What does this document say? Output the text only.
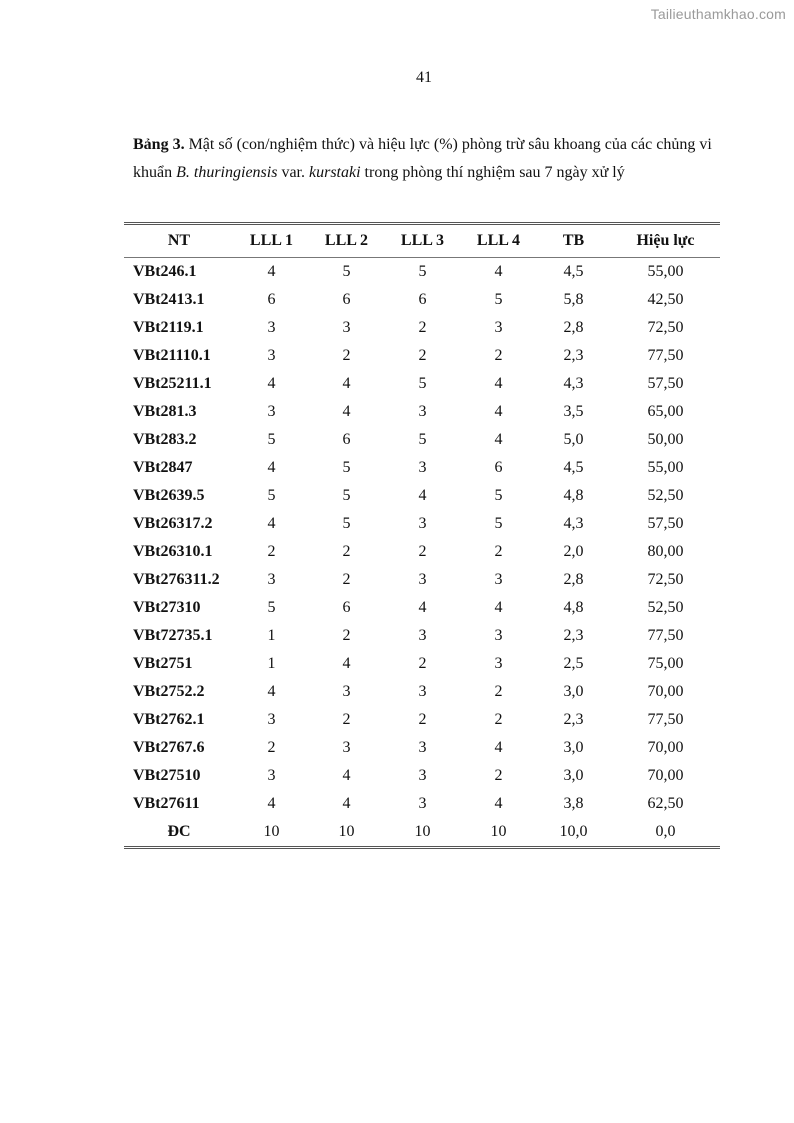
Tailieuthamkhao.com
41
Bảng 3. Mật số (con/nghiệm thức) và hiệu lực (%) phòng trừ sâu khoang của các chủng vi khuẩn B. thuringiensis var. kurstaki trong phòng thí nghiệm sau 7 ngày xử lý
NT	LLL 1	LLL 2	LLL 3	LLL 4	TB	Hiệu lực
VBt246.1	4	5	5	4	4,5	55,00
VBt2413.1	6	6	6	5	5,8	42,50
VBt2119.1	3	3	2	3	2,8	72,50
VBt21110.1	3	2	2	2	2,3	77,50
VBt25211.1	4	4	5	4	4,3	57,50
VBt281.3	3	4	3	4	3,5	65,00
VBt283.2	5	6	5	4	5,0	50,00
VBt2847	4	5	3	6	4,5	55,00
VBt2639.5	5	5	4	5	4,8	52,50
VBt26317.2	4	5	3	5	4,3	57,50
VBt26310.1	2	2	2	2	2,0	80,00
VBt276311.2	3	2	3	3	2,8	72,50
VBt27310	5	6	4	4	4,8	52,50
VBt72735.1	1	2	3	3	2,3	77,50
VBt2751	1	4	2	3	2,5	75,00
VBt2752.2	4	3	3	2	3,0	70,00
VBt2762.1	3	2	2	2	2,3	77,50
VBt2767.6	2	3	3	4	3,0	70,00
VBt27510	3	4	3	2	3,0	70,00
VBt27611	4	4	3	4	3,8	62,50
ĐC	10	10	10	10	10,0	0,0
